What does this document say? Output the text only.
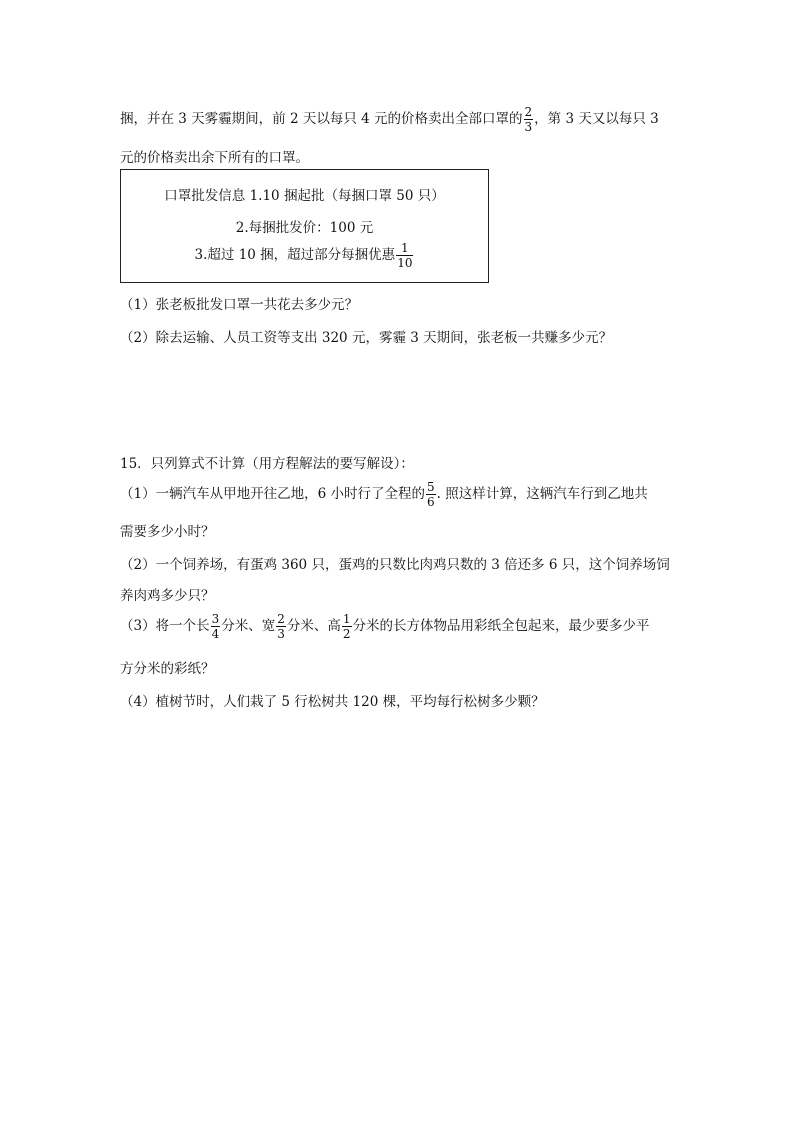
捆，并在 3 天雾霾期间，前 2 天以每只 4 元的价格卖出全部口罩的 $\frac{2}{3}$ ，第 3 天又以每只 3
元的价格卖出余下所有的口罩。
口罩批发信息 1.10 捆起批（每捆口罩 50 只）
2.每捆批发价：100 元
3.超过 10 捆，超过部分每捆优惠 $\frac{1}{10}$
（1）张老板批发口罩一共花去多少元？
（2）除去运输、人员工资等支出 320 元，雾霾 3 天期间，张老板一共赚多少元？
15．只列算式不计算（用方程解法的要写解设）：
（1）一辆汽车从甲地开往乙地，6 小时行了全程的 $\frac{5}{6}$ . 照这样计算，这辆汽车行到乙地共
需要多少小时？
（2）一个饲养场，有蛋鸡 360 只，蛋鸡的只数比肉鸡只数的 3 倍还多 6 只，这个饲养场饲
养肉鸡多少只？
（3）将一个长 $\frac{3}{4}$ 分米、宽 $\frac{2}{3}$ 分米、高 $\frac{1}{2}$ 分米的长方体物品用彩纸全包起来，最少要多少平
方分米的彩纸？
（4）植树节时，人们栽了 5 行松树共 120 棵，平均每行松树多少颗？
